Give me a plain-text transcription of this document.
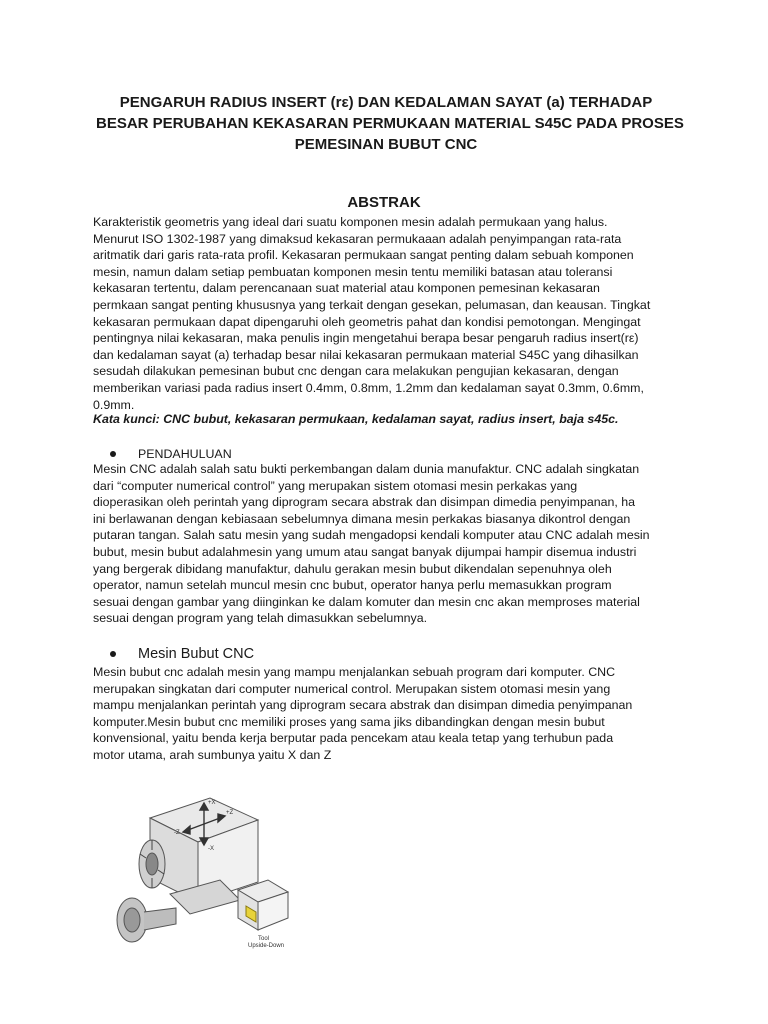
PENGARUH RADIUS INSERT (rε) DAN KEDALAMAN SAYAT (a) TERHADAP
BESAR PERUBAHAN KEKASARAN PERMUKAAN MATERIAL S45C PADA PROSES
PEMESINAN BUBUT CNC
ABSTRAK
Karakteristik geometris yang ideal dari suatu komponen mesin adalah permukaan yang halus.
Menurut ISO 1302-1987 yang dimaksud kekasaran permukaaan adalah penyimpangan rata-rata
aritmatik dari garis rata-rata profil. Kekasaran permukaan sangat penting dalam sebuah komponen
mesin, namun dalam setiap pembuatan komponen mesin tentu memiliki batasan atau toleransi
kekasaran tertentu, dalam perencanaan suat material atau komponen pemesinan kekasaran
permkaan sangat penting khususnya yang terkait dengan gesekan, pelumasan, dan keausan. Tingkat
kekasaran permukaan dapat dipengaruhi oleh geometris pahat dan kondisi pemotongan. Mengingat
pentingnya nilai kekasaran, maka penulis ingin mengetahui berapa besar pengaruh radius insert(rε)
dan kedalaman sayat (a) terhadap besar nilai kekasaran permukaan material S45C yang dihasilkan
sesudah dilakukan pemesinan bubut cnc dengan cara melakukan pengujian kekasaran, dengan
memberikan variasi pada radius insert 0.4mm, 0.8mm, 1.2mm dan kedalaman sayat 0.3mm, 0.6mm,
0.9mm.
Kata kunci: CNC bubut, kekasaran permukaan, kedalaman sayat, radius insert, baja s45c.
PENDAHULUAN
Mesin CNC adalah salah satu bukti perkembangan dalam dunia manufaktur. CNC adalah singkatan
dari “computer numerical control” yang merupakan sistem otomasi mesin perkakas yang
dioperasikan oleh perintah yang diprogram secara abstrak dan disimpan dimedia penyimpanan, ha
ini berlawanan dengan kebiasaan sebelumnya dimana mesin perkakas biasanya dikontrol dengan
putaran tangan. Salah satu mesin yang sudah mengadopsi kendali komputer atau CNC adalah mesin
bubut, mesin bubut adalahmesin yang umum atau sangat banyak dijumpai hampir disemua industri
yang bergerak dibidang manufaktur, dahulu gerakan mesin bubut dikendalan sepenuhnya oleh
operator, namun setelah muncul mesin cnc bubut, operator hanya perlu memasukkan program
sesuai dengan gambar yang diinginkan ke dalam komuter dan mesin cnc akan memproses material
sesuai dengan program yang telah dimasukkan sebelumnya.
Mesin Bubut CNC
Mesin bubut cnc adalah mesin yang mampu menjalankan sebuah program dari komputer. CNC
merupakan singkatan dari computer numerical control. Merupakan sistem otomasi mesin yang
mampu menjalankan perintah yang diprogram secara abstrak dan disimpan dimedia penyimpanan
komputer.Mesin bubut cnc memiliki proses yang sama jiks dibandingkan dengan mesin bubut
konvensional, yaitu benda kerja berputar pada pencekam atau keala tetap yang terhubun pada
motor utama, arah sumbunya yaitu X dan Z
+X
-Z
+Z
-X
Tool
Upside-Down
